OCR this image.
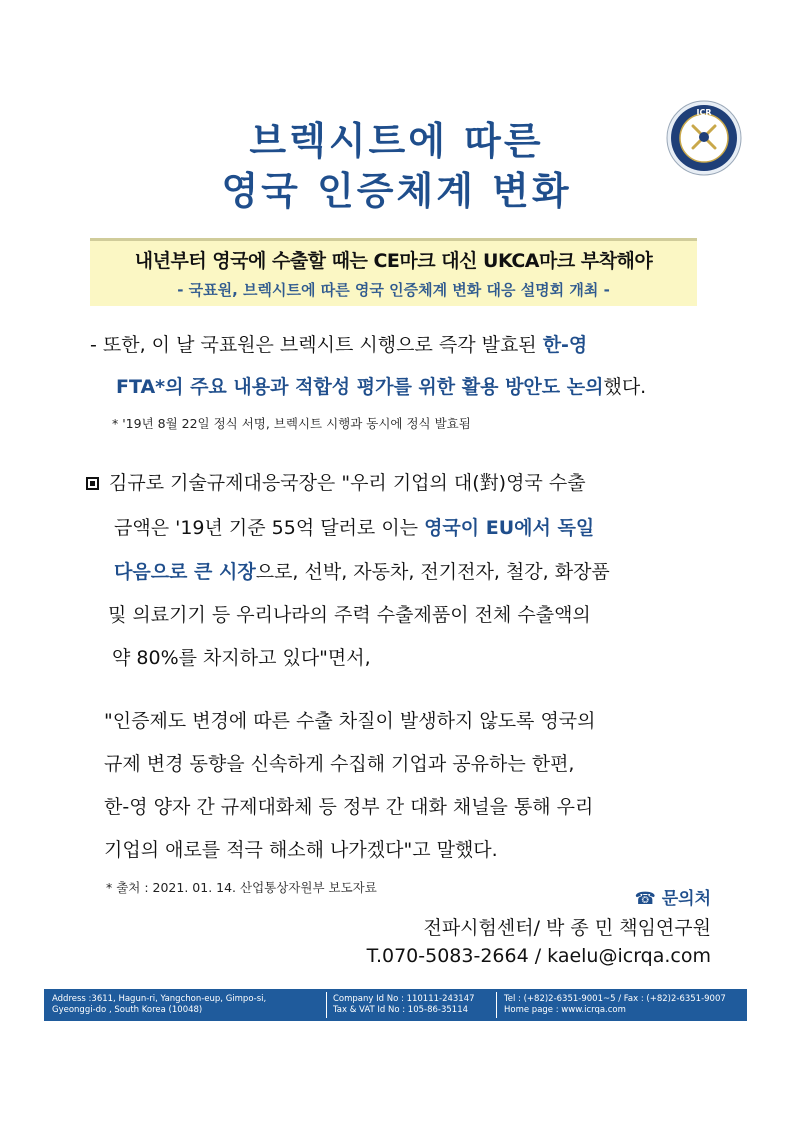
브렉시트에 따른
영국 인증체계 변화
ICR
내년부터 영국에 수출할 때는 CE마크 대신 UKCA마크 부착해야
- 국표원, 브렉시트에 따른 영국 인증체계 변화 대응 설명회 개최 -
- 또한, 이 날 국표원은 브렉시트 시행으로 즉각 발효된 한-영
FTA*의 주요 내용과 적합성 평가를 위한 활용 방안도 논의했다.
* '19년 8월 22일 정식 서명, 브렉시트 시행과 동시에 정식 발효됨
김규로 기술규제대응국장은 "우리 기업의 대(對)영국 수출
금액은 '19년 기준 55억 달러로 이는 영국이 EU에서 독일
다음으로 큰 시장으로, 선박, 자동차, 전기전자, 철강, 화장품
및 의료기기 등 우리나라의 주력 수출제품이 전체 수출액의
약 80%를 차지하고 있다"면서,
"인증제도 변경에 따른 수출 차질이 발생하지 않도록 영국의
규제 변경 동향을 신속하게 수집해 기업과 공유하는 한편,
한-영 양자 간 규제대화체 등 정부 간 대화 채널을 통해 우리
기업의 애로를 적극 해소해 나가겠다"고 말했다.
* 출처 : 2021. 01. 14. 산업통상자원부 보도자료
☎ 문의처
전파시험센터/ 박 종 민 책임연구원
T.070-5083-2664 / kaelu@icrqa.com
Address :3611, Hagun-ri, Yangchon-eup, Gimpo-si,
Gyeonggi-do , South Korea (10048)
Company Id No : 110111-243147
Tax & VAT Id No : 105-86-35114
Tel : (+82)2-6351-9001~5 / Fax : (+82)2-6351-9007
Home page : www.icrqa.com
